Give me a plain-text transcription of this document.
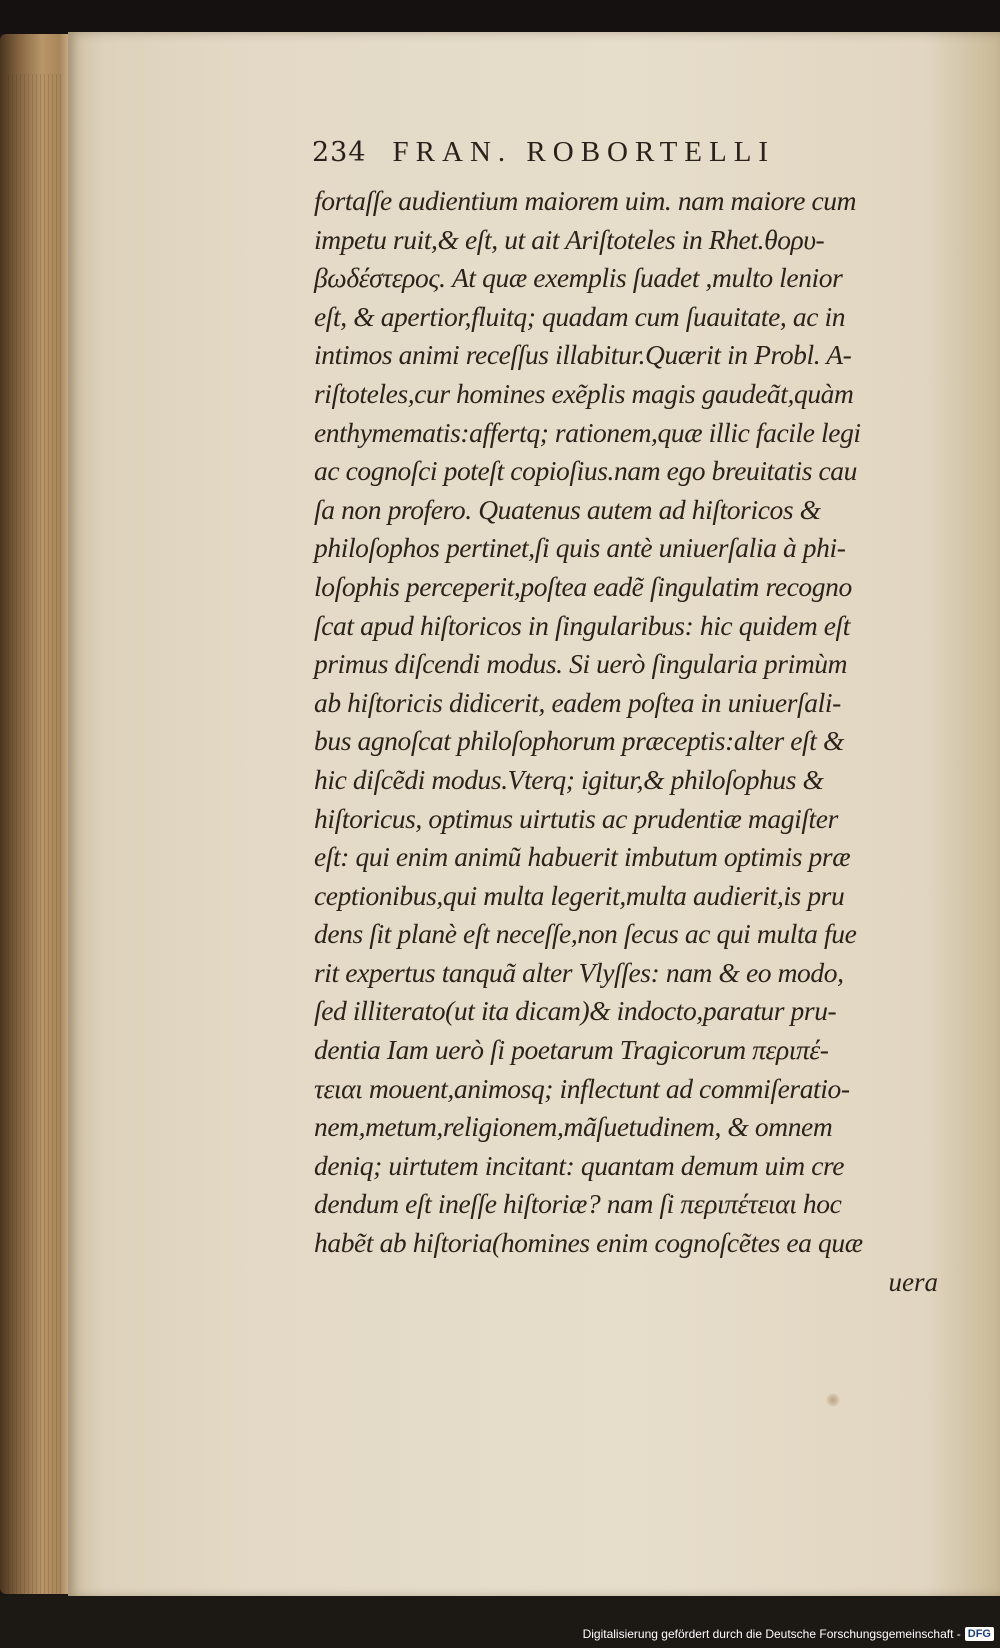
234 FRAN. ROBORTELLI
fortaſſe audientium maiorem uim. nam maiore cum
impetu ruit,& eſt, ut ait Ariſtoteles in Rhet.θορυ-
βωδέστερος. At quæ exemplis ſuadet ,multo lenior
eſt, & apertior,fluitq; quadam cum ſuauitate, ac in
intimos animi receſſus illabitur.Quærit in Probl. A-
riſtoteles,cur homines exẽplis magis gaudeãt,quàm
enthymematis:affertq; rationem,quæ illic facile legi
ac cognoſci poteſt copioſius.nam ego breuitatis cau
ſa non profero. Quatenus autem ad hiſtoricos &
philoſophos pertinet,ſi quis antè uniuerſalia à phi-
loſophis perceperit,poſtea eadẽ ſingulatim recogno
ſcat apud hiſtoricos in ſingularibus: hic quidem eſt
primus diſcendi modus. Si uerò ſingularia primùm
ab hiſtoricis didicerit, eadem poſtea in uniuerſali-
bus agnoſcat philoſophorum præceptis:alter eſt &
hic diſcẽdi modus.Vterq; igitur,& philoſophus &
hiſtoricus, optimus uirtutis ac prudentiæ magiſter
eſt: qui enim animũ habuerit imbutum optimis præ
ceptionibus,qui multa legerit,multa audierit,is pru
dens ſit planè eſt neceſſe,non ſecus ac qui multa fue
rit expertus tanquã alter Vlyſſes: nam & eo modo,
ſed illiterato(ut ita dicam)& indocto,paratur pru-
dentia Iam uerò ſi poetarum Tragicorum περιπέ-
τειαι mouent,animosq; inflectunt ad commiſeratio-
nem,metum,religionem,mãſuetudinem, & omnem
deniq; uirtutem incitant: quantam demum uim cre
dendum eſt ineſſe hiſtoriæ? nam ſi περιπέτειαι hoc
habẽt ab hiſtoria(homines enim cognoſcẽtes ea quæ
uera
Digitalisierung gefördert durch die Deutsche Forschungsgemeinschaft - DFG
